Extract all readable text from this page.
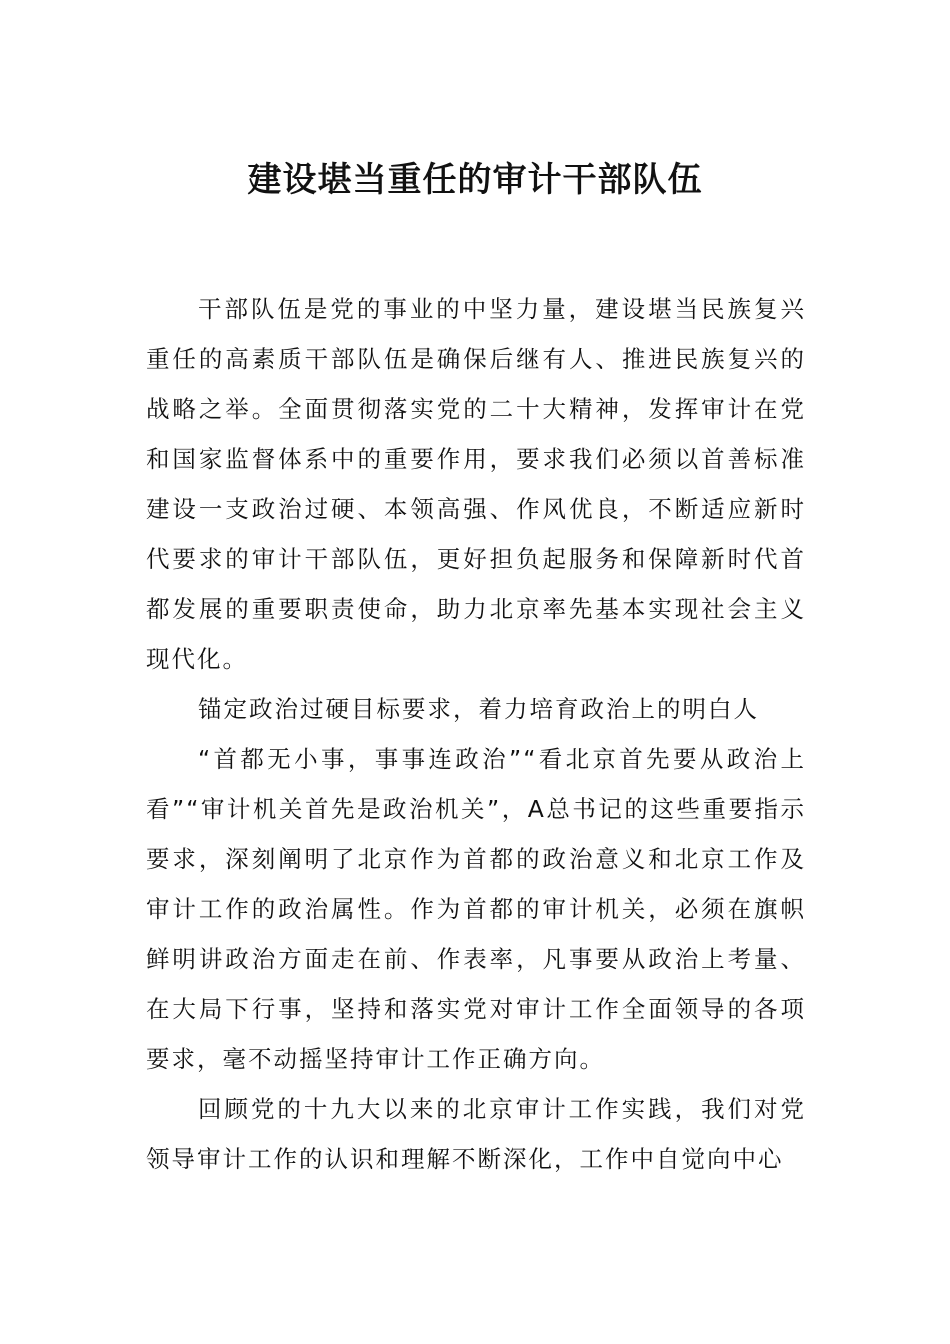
建设堪当重任的审计干部队伍

干部队伍是党的事业的中坚力量，建设堪当民族复兴重任的高素质干部队伍是确保后继有人、推进民族复兴的战略之举。全面贯彻落实党的二十大精神，发挥审计在党和国家监督体系中的重要作用，要求我们必须以首善标准建设一支政治过硬、本领高强、作风优良，不断适应新时代要求的审计干部队伍，更好担负起服务和保障新时代首都发展的重要职责使命，助力北京率先基本实现社会主义现代化。

锚定政治过硬目标要求，着力培育政治上的明白人

“首都无小事，事事连政治”“看北京首先要从政治上看”“审计机关首先是政治机关”，A总书记的这些重要指示要求，深刻阐明了北京作为首都的政治意义和北京工作及审计工作的政治属性。作为首都的审计机关，必须在旗帜鲜明讲政治方面走在前、作表率，凡事要从政治上考量、在大局下行事，坚持和落实党对审计工作全面领导的各项要求，毫不动摇坚持审计工作正确方向。

回顾党的十九大以来的北京审计工作实践，我们对党领导审计工作的认识和理解不断深化，工作中自觉向中心
